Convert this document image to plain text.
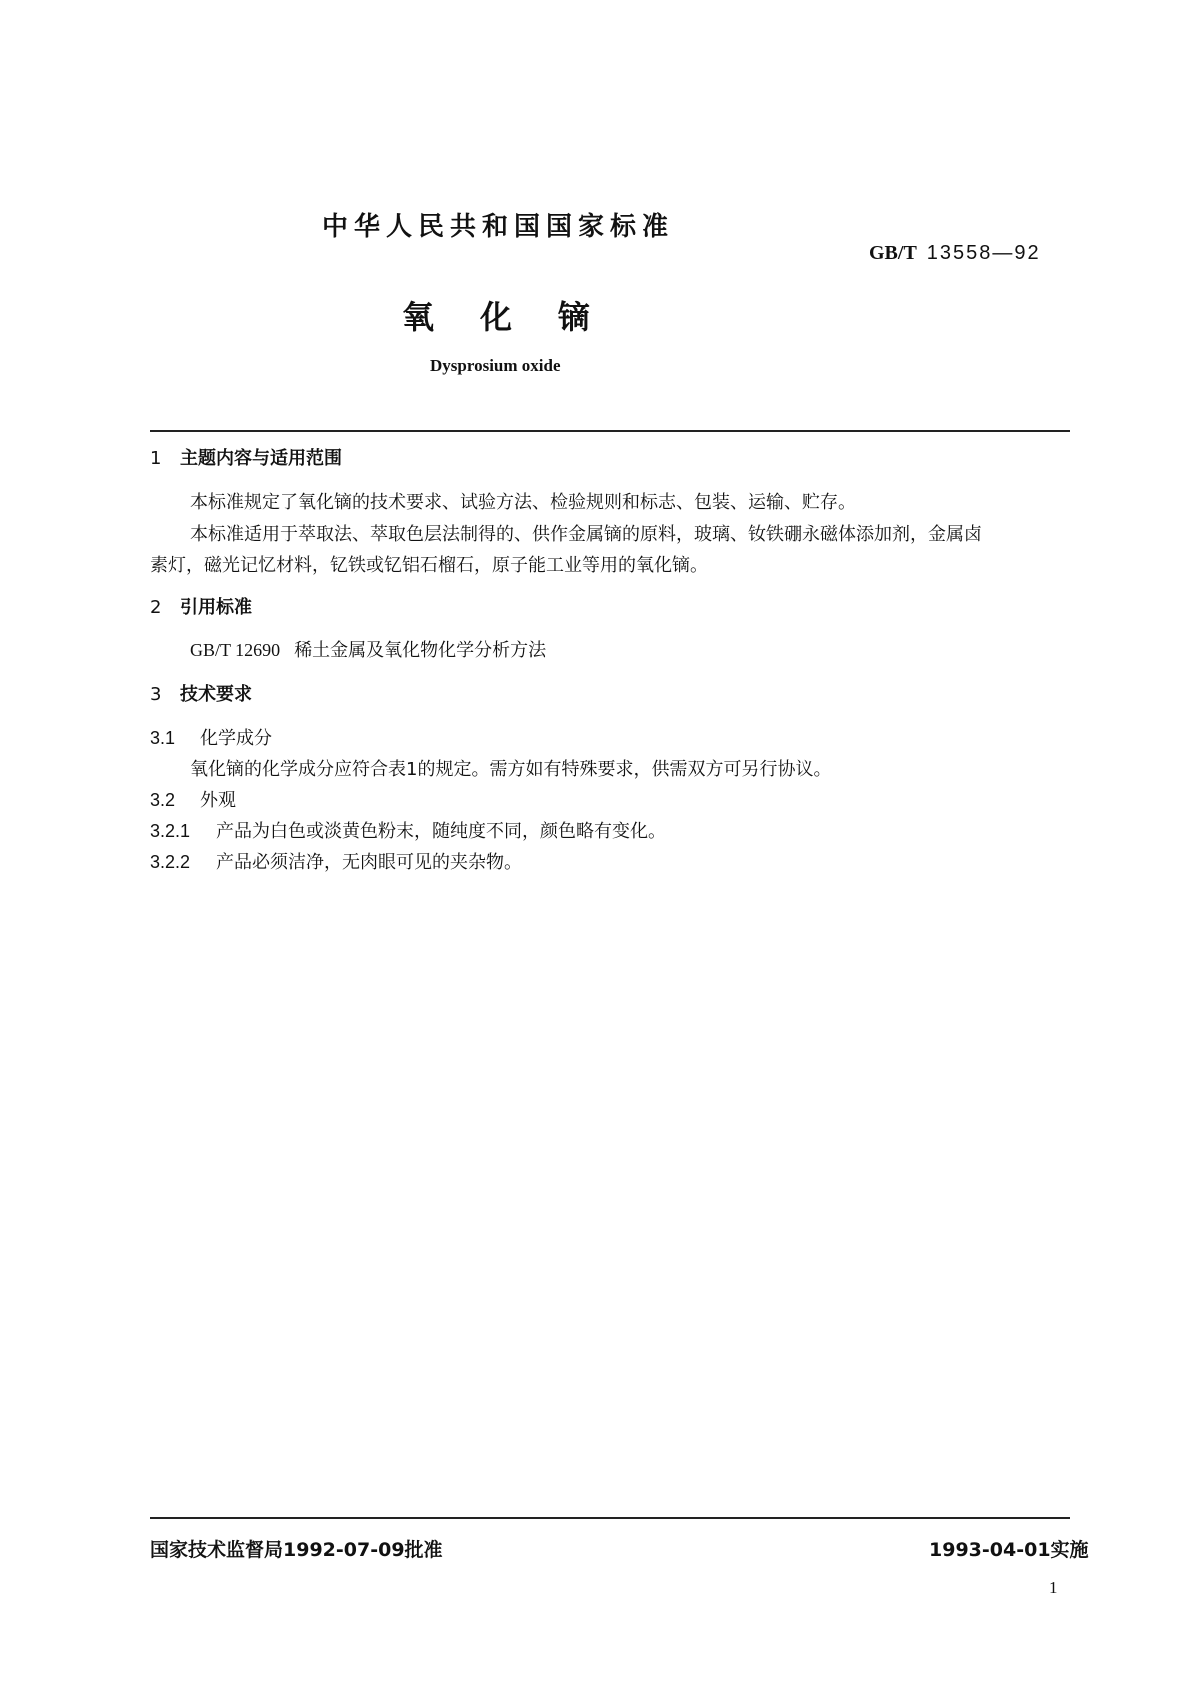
中华人民共和国国家标准
GB/T 13558—92
氧化镝
Dysprosium oxide
1 主题内容与适用范围
本标准规定了氧化镝的技术要求、试验方法、检验规则和标志、包装、运输、贮存。
本标准适用于萃取法、萃取色层法制得的、供作金属镝的原料，玻璃、钕铁硼永磁体添加剂，金属卤
素灯，磁光记忆材料，钇铁或钇铝石榴石，原子能工业等用的氧化镝。
2 引用标准
GB/T 12690 稀土金属及氧化物化学分析方法
3 技术要求
3.1 化学成分
氧化镝的化学成分应符合表1的规定。需方如有特殊要求，供需双方可另行协议。
3.2 外观
3.2.1 产品为白色或淡黄色粉末，随纯度不同，颜色略有变化。
3.2.2 产品必须洁净，无肉眼可见的夹杂物。
国家技术监督局1992-07-09批准	1993-04-01实施
1
